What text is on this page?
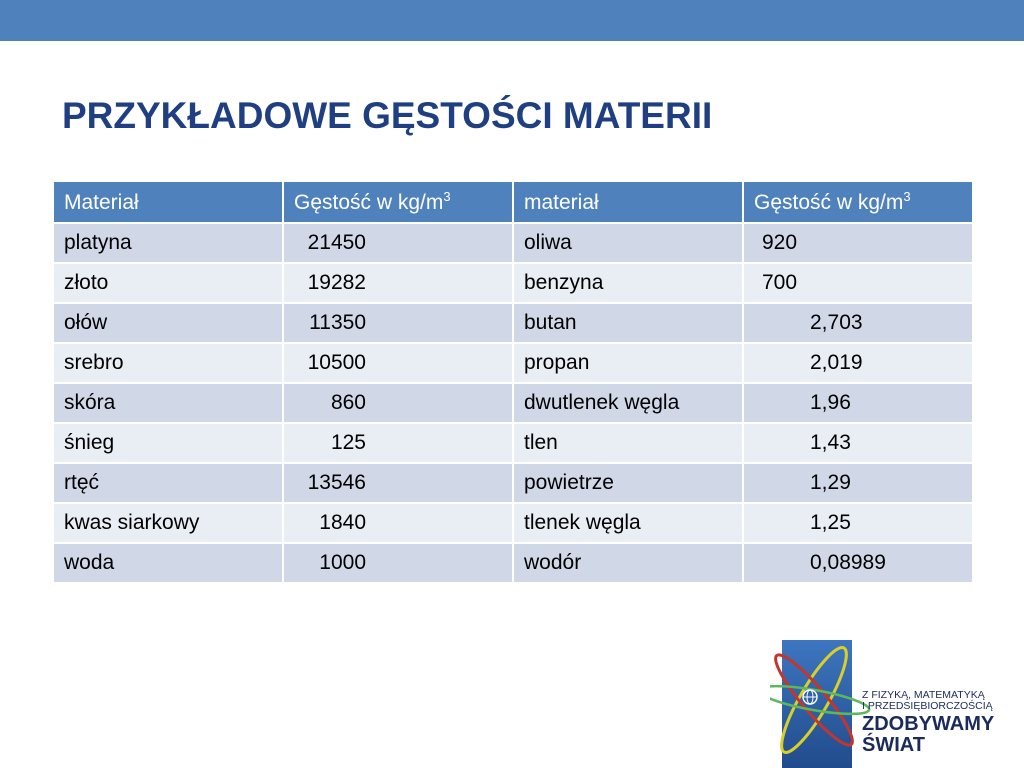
PRZYKŁADOWE GĘSTOŚCI MATERII
Materiał	Gęstość w $kg/m^3$	materiał	Gęstość w $kg/m^3$
platyna	21450	oliwa	920
złoto	19282	benzyna	700
ołów	11350	butan	2,703
srebro	10500	propan	2,019
skóra	860	dwutlenek węgla	1,96
śnieg	125	tlen	1,43
rtęć	13546	powietrze	1,29
kwas siarkowy	1840	tlenek węgla	1,25
woda	1000	wodór	0,08989
Z FIZYKĄ, MATEMATYKĄ
I PRZEDSIĘBIORCZOŚCIĄ
ZDOBYWAMY
ŚWIAT
